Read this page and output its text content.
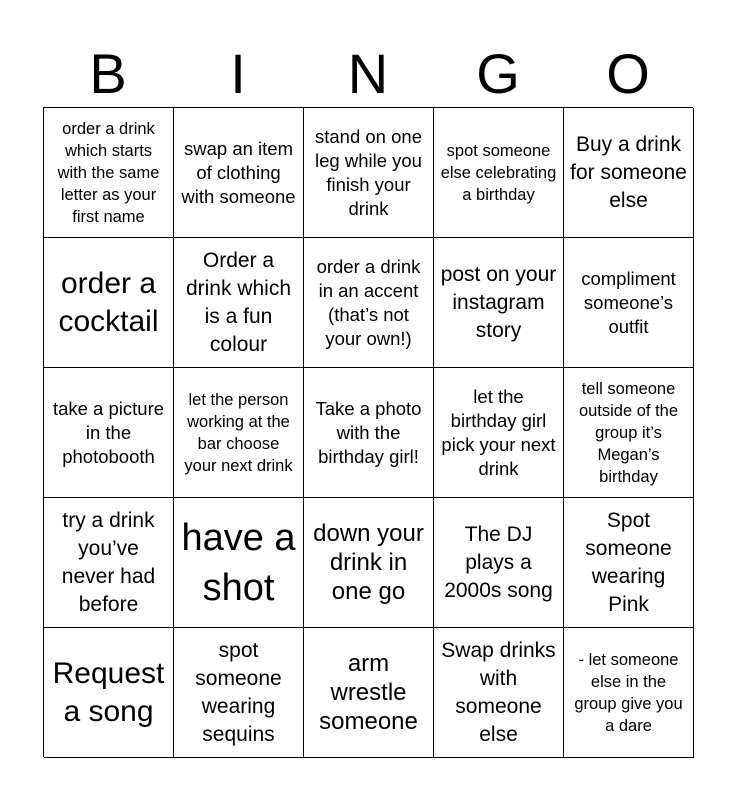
B	I	N	G	O
order a drink which starts with the same letter as your first name
swap an item of clothing with someone
stand on one leg while you finish your drink
spot someone else celebrating a birthday
Buy a drink for someone else
order a cocktail
Order a drink which is a fun colour
order a drink in an accent (that’s not your own!)
post on your instagram story
compliment someone’s outfit
take a picture in the photobooth
let the person working at the bar choose your next drink
Take a photo with the birthday girl!
let the birthday girl pick your next drink
tell someone outside of the group it’s Megan’s birthday
try a drink you’ve never had before
have a shot
down your drink in one go
The DJ plays a 2000s song
Spot someone wearing Pink
Request a song
spot someone wearing sequins
arm wrestle someone
Swap drinks with someone else
- let someone else in the group give you a dare
